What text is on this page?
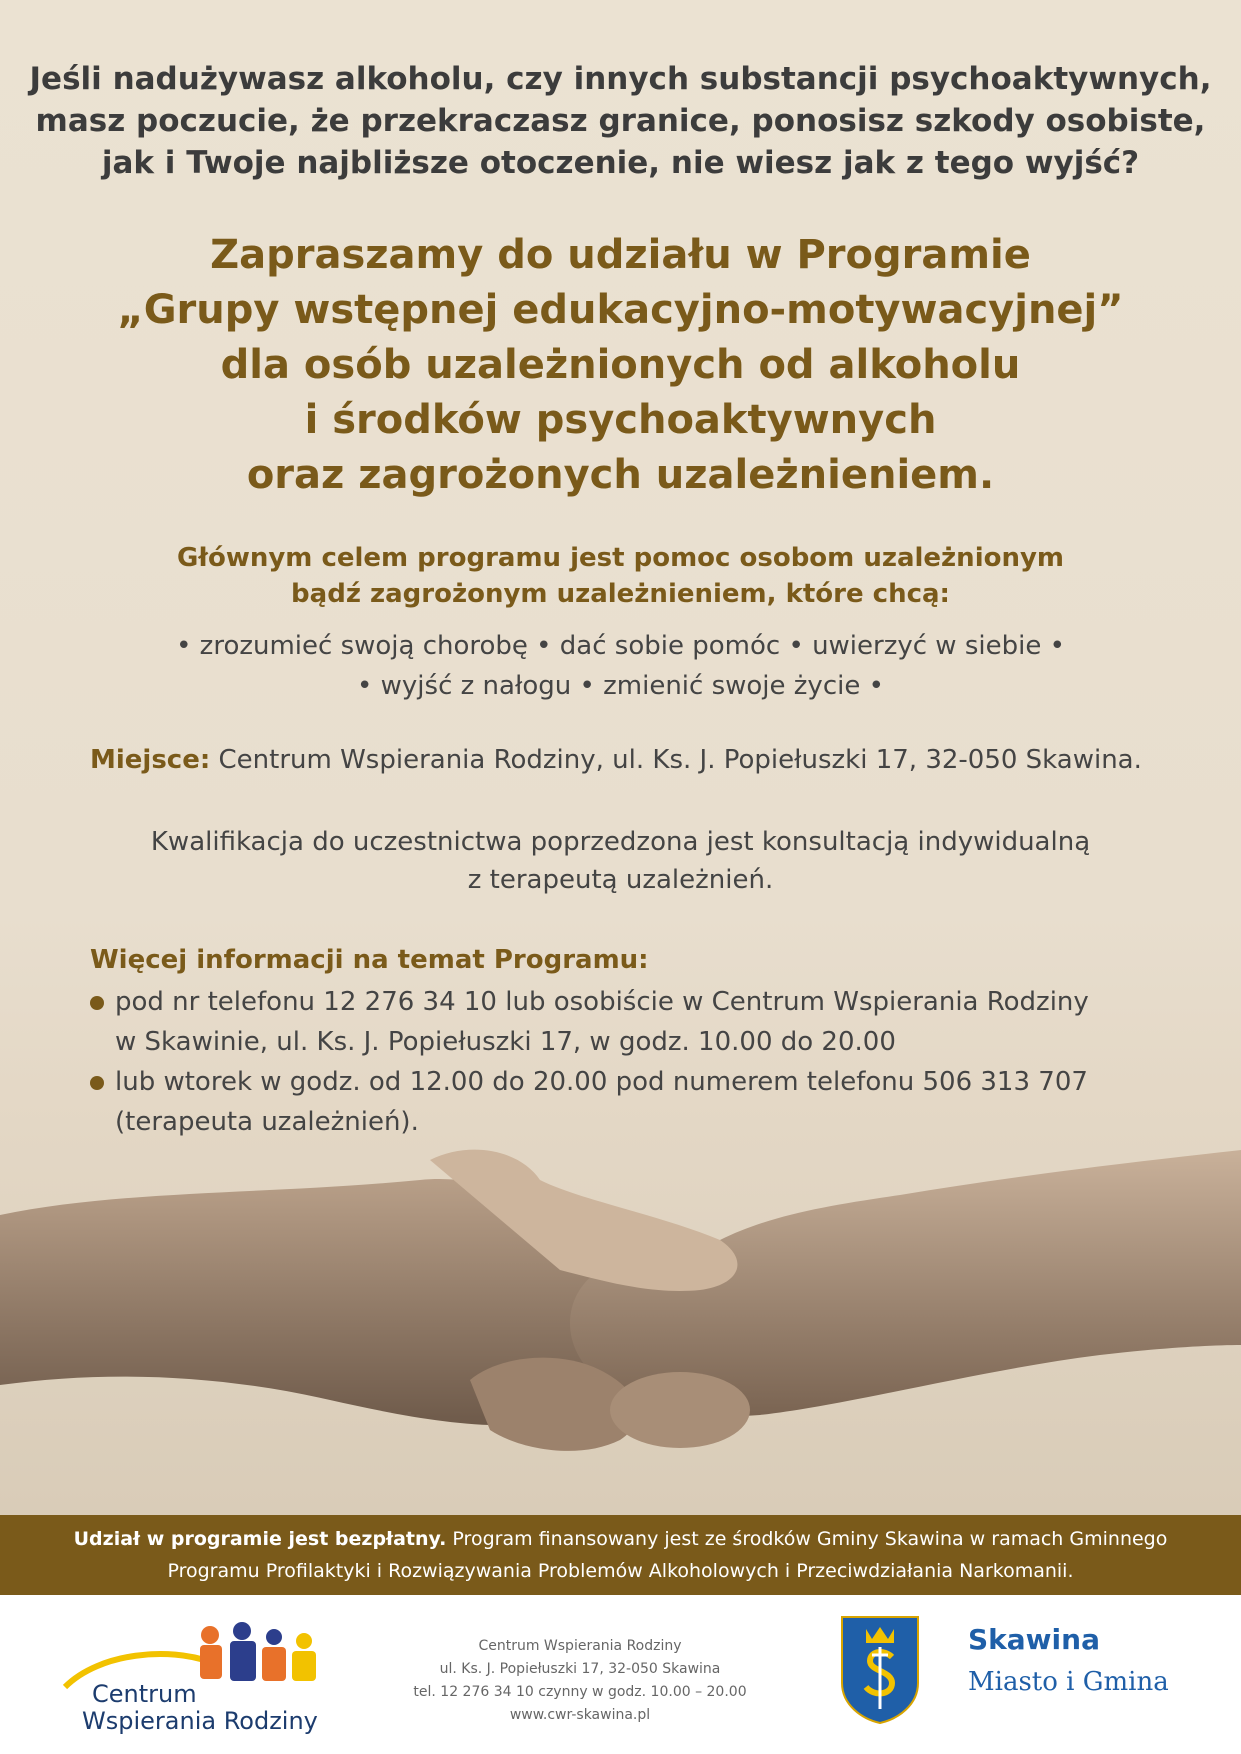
Jeśli nadużywasz alkoholu, czy innych substancji psychoaktywnych,
masz poczucie, że przekraczasz granice, ponosisz szkody osobiste,
jak i Twoje najbliższe otoczenie, nie wiesz jak z tego wyjść?
Zapraszamy do udziału w Programie
„Grupy wstępnej edukacyjno-motywacyjnej”
dla osób uzależnionych od alkoholu
i środków psychoaktywnych
oraz zagrożonych uzależnieniem.
Głównym celem programu jest pomoc osobom uzależnionym
bądź zagrożonym uzależnieniem, które chcą:
• zrozumieć swoją chorobę • dać sobie pomóc • uwierzyć w siebie •
• wyjść z nałogu • zmienić swoje życie •
Miejsce: Centrum Wspierania Rodziny, ul. Ks. J. Popiełuszki 17, 32-050 Skawina.
Kwalifikacja do uczestnictwa poprzedzona jest konsultacją indywidualną
z terapeutą uzależnień.
Więcej informacji na temat Programu:
pod nr telefonu 12 276 34 10 lub osobiście w Centrum Wspierania Rodziny
w Skawinie, ul. Ks. J. Popiełuszki 17, w godz. 10.00 do 20.00
lub wtorek w godz. od 12.00 do 20.00 pod numerem telefonu 506 313 707
(terapeuta uzależnień).
Udział w programie jest bezpłatny. Program finansowany jest ze środków Gminy Skawina w ramach Gminnego
Programu Profilaktyki i Rozwiązywania Problemów Alkoholowych i Przeciwdziałania Narkomanii.
Centrum
Wspierania Rodziny
Centrum Wspierania Rodziny
ul. Ks. J. Popiełuszki 17, 32-050 Skawina
tel. 12 276 34 10 czynny w godz. 10.00 – 20.00
www.cwr-skawina.pl
Skawina
Miasto i Gmina
